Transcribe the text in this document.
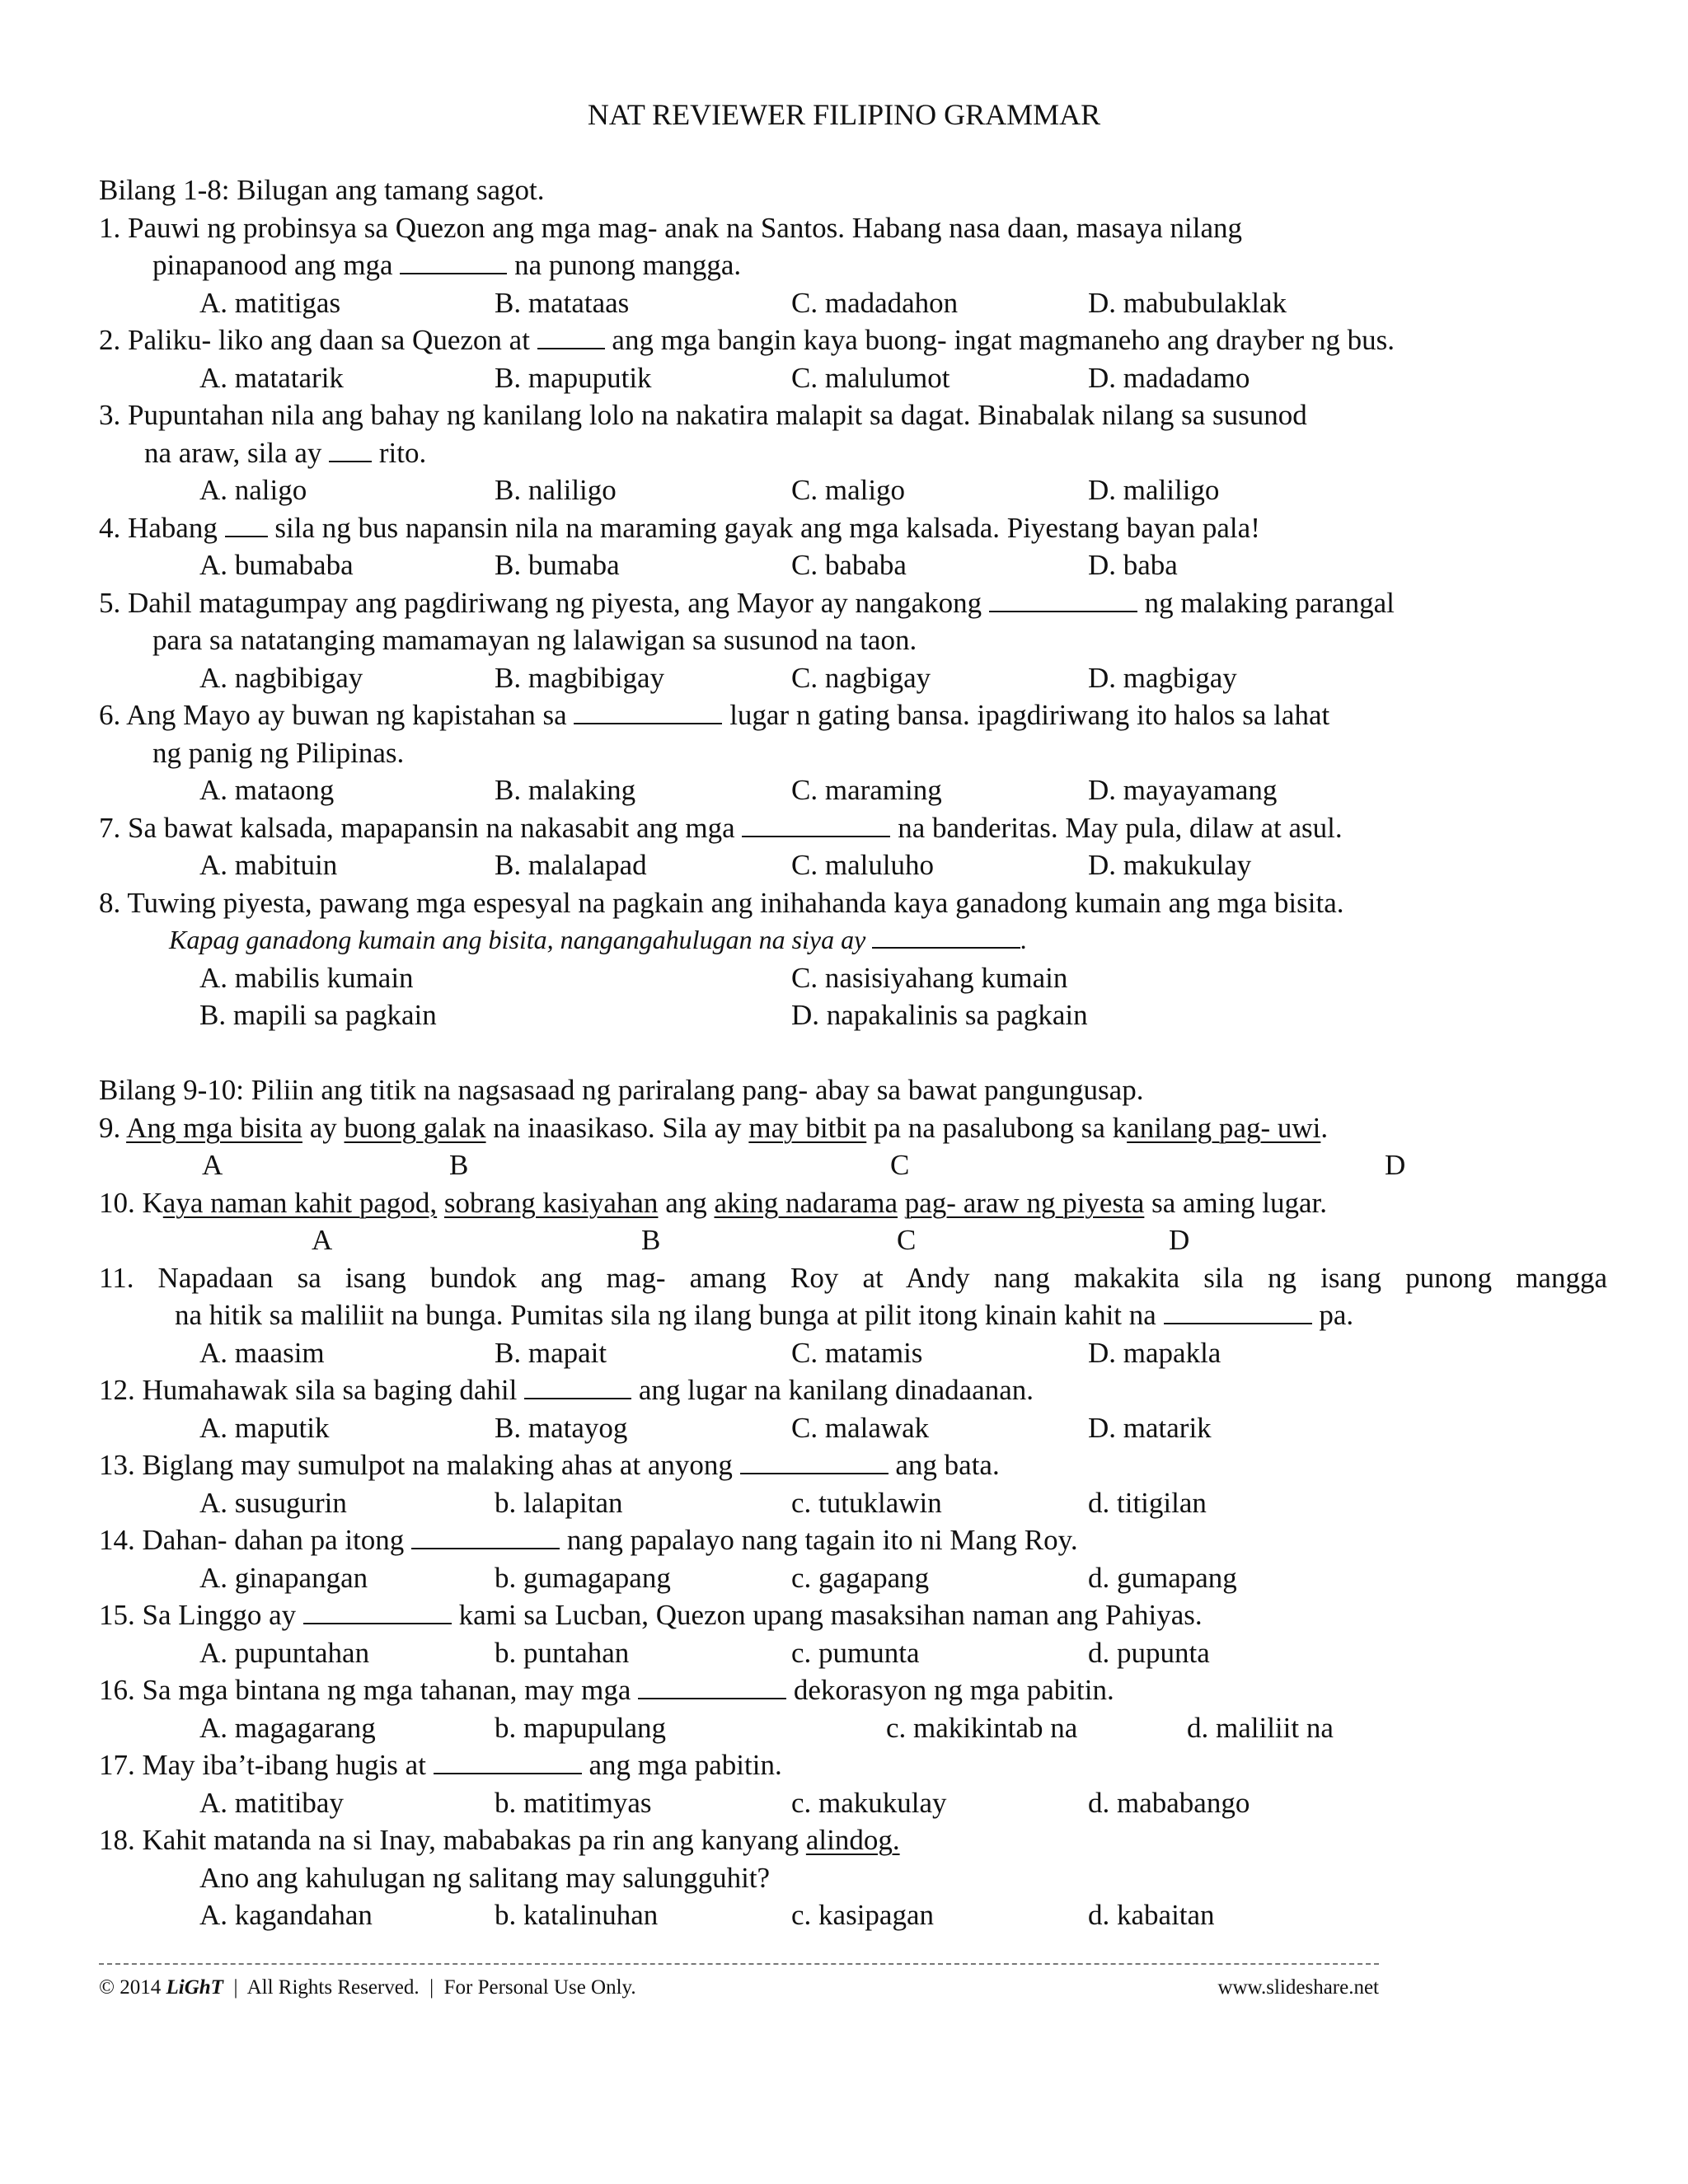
NAT REVIEWER FILIPINO GRAMMAR
Bilang 1-8: Bilugan ang tamang sagot.
1. Pauwi ng probinsya sa Quezon ang mga mag- anak na Santos. Habang nasa daan, masaya nilang
pinapanood ang mga	na punong mangga.
A. matitigas	B. matataas	C. madadahon	D. mabubulaklak
2. Paliku- liko ang daan sa Quezon at  ang mga bangin kaya buong- ingat magmaneho ang drayber ng bus.
A. matatarik	B. mapuputik	C. malulumot	D. madadamo
3. Pupuntahan nila ang bahay ng kanilang lolo na nakatira malapit sa dagat. Binabalak nilang sa susunod
na araw, sila ay  rito.
A. naligo	B. naliligo	C. maligo	D. maliligo
4. Habang  sila ng bus napansin nila na maraming gayak ang mga kalsada. Piyestang bayan pala!
A. bumababa	B. bumaba	C. bababa	D. baba
5. Dahil matagumpay ang pagdiriwang ng piyesta, ang Mayor ay nangakong	ng malaking parangal
para sa natatanging mamamayan ng lalawigan sa susunod na taon.
A. nagbibigay	B. magbibigay	C. nagbigay	D. magbigay
6. Ang Mayo ay buwan ng kapistahan sa	lugar n gating bansa. ipagdiriwang ito halos sa lahat
ng panig ng Pilipinas.
A. mataong	B. malaking	C. maraming	D. mayayamang
7. Sa bawat kalsada, mapapansin na nakasabit ang mga	na banderitas. May pula, dilaw at asul.
A. mabituin	B. malalapad	C. maluluho	D. makukulay
8. Tuwing piyesta, pawang mga espesyal na pagkain ang inihahanda kaya ganadong kumain ang mga bisita.
Kapag ganadong kumain ang bisita, nangangahulugan na siya ay	.
A. mabilis kumain	C. nasisiyahang kumain
B. mapili sa pagkain	D. napakalinis sa pagkain
Bilang 9-10: Piliin ang titik na nagsasaad ng pariralang pang- abay sa bawat pangungusap.
9. Ang mga bisita ay buong galak na inaasikaso. Sila ay may bitbit pa na pasalubong sa kanilang pag- uwi.
A	B	C	D
10. Kaya naman kahit pagod, sobrang kasiyahan ang aking nadarama pag- araw ng piyesta sa aming lugar.
A	B	C	D
11. Napadaan sa isang bundok ang mag- amang Roy at Andy nang makakita sila ng isang punong mangga
na hitik sa maliliit na bunga. Pumitas sila ng ilang bunga at pilit itong kinain kahit na	pa.
A. maasim	B. mapait	C. matamis	D. mapakla
12. Humahawak sila sa baging dahil	ang lugar na kanilang dinadaanan.
A. maputik	B. matayog	C. malawak	D. matarik
13. Biglang may sumulpot na malaking ahas at anyong	ang bata.
A. susugurin	b. lalapitan	c. tutuklawin	d. titigilan
14. Dahan- dahan pa itong	nang papalayo nang tagain ito ni Mang Roy.
A. ginapangan	b. gumagapang	c. gagapang	d. gumapang
15. Sa Linggo ay	kami sa Lucban, Quezon upang masaksihan naman ang Pahiyas.
A. pupuntahan	b. puntahan	c. pumunta	d. pupunta
16. Sa mga bintana ng mga tahanan, may mga	dekorasyon ng mga pabitin.
A. magagarang	b. mapupulang	c. makikintab na	d. maliliit na
17. May iba’t-ibang hugis at	ang mga pabitin.
A. matitibay	b. matitimyas	c. makukulay	d. mababango
18. Kahit matanda na si Inay, mababakas pa rin ang kanyang alindog.
Ano ang kahulugan ng salitang may salungguhit?
A. kagandahan	b. katalinuhan	c. kasipagan	d. kabaitan
© 2014 LiGhT  |  All Rights Reserved.  |  For Personal Use Only.	www.slideshare.net
